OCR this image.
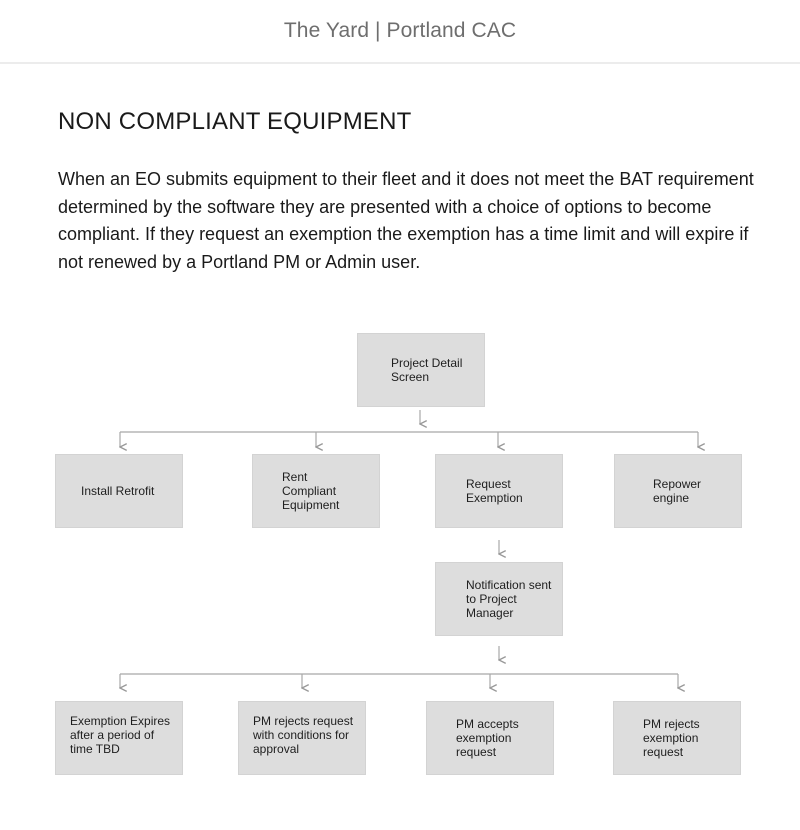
The Yard | Portland CAC
NON COMPLIANT EQUIPMENT

When an EO submits equipment to their fleet and it does not meet the BAT requirement determined by the software they are presented with a choice of options to become compliant. If they request an exemption the exemption has a time limit and will expire if not renewed by a Portland PM or Admin user.

Project Detail Screen
Install Retrofit
Rent Compliant Equipment
Request Exemption
Repower engine
Notification sent to Project Manager
Exemption Expires after a period of time TBD
PM rejects request with conditions for approval
PM accepts exemption request
PM rejects exemption request
